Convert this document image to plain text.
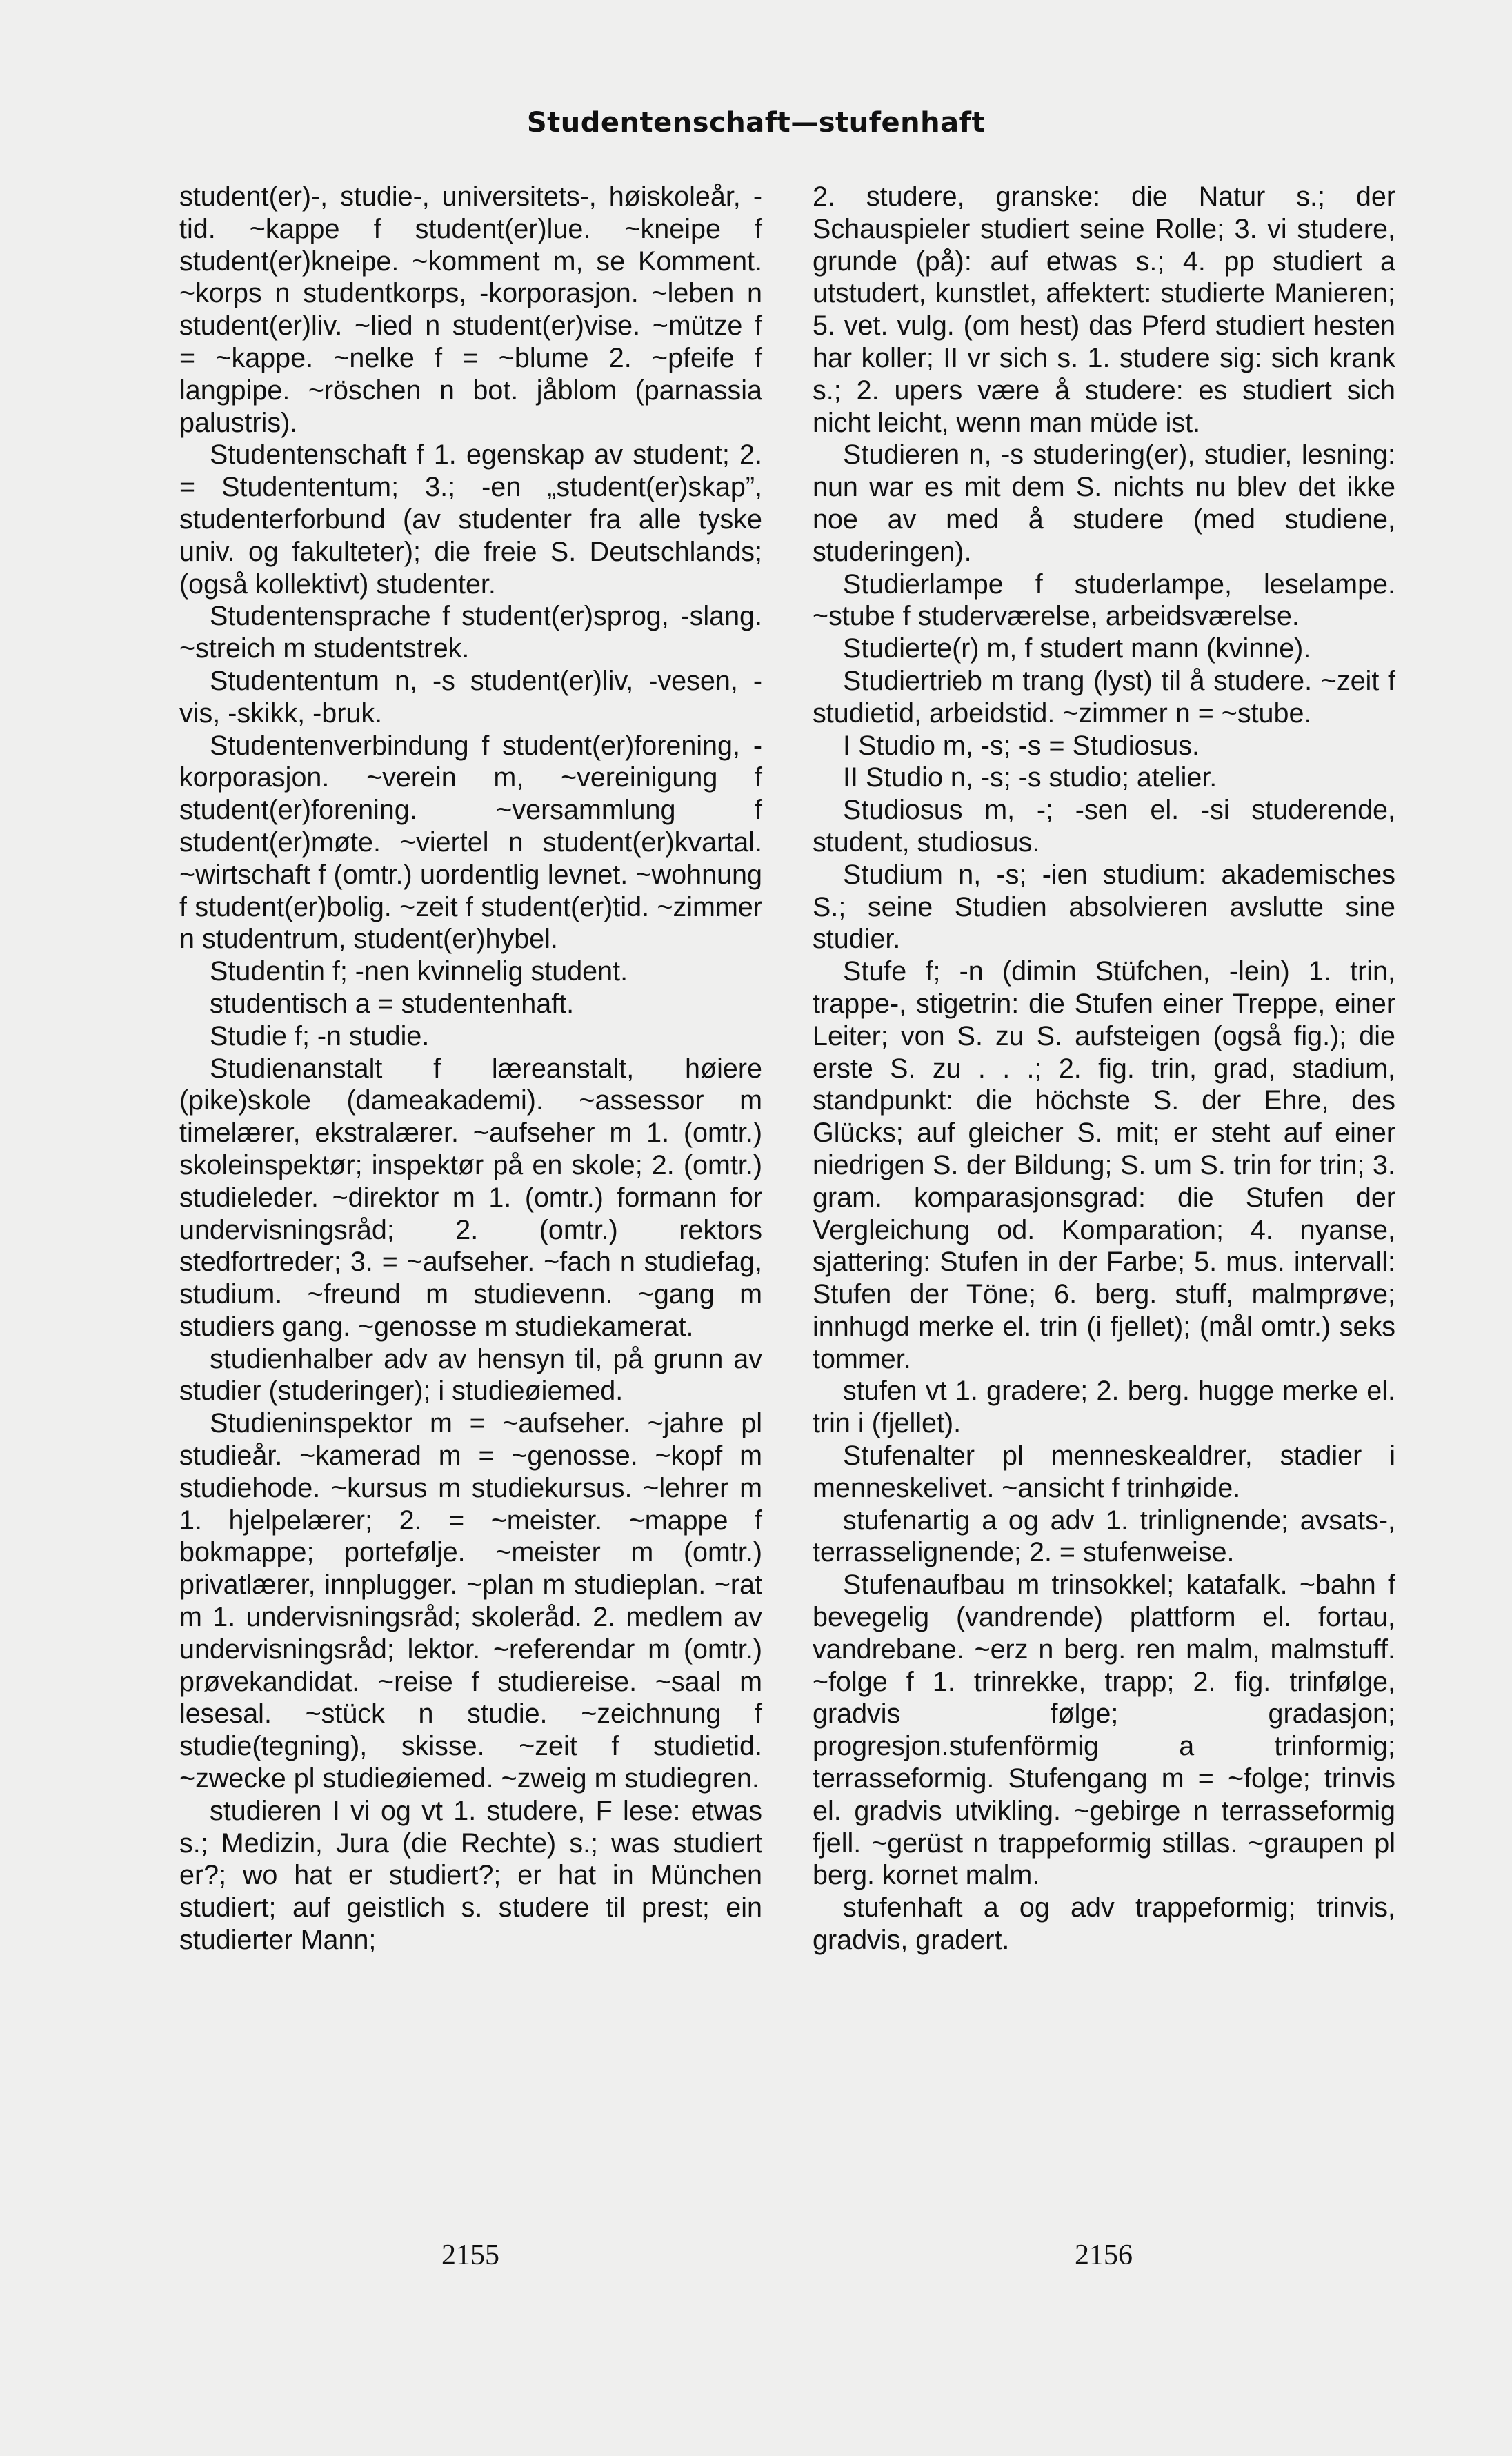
Studentenschaft—stufenhaft

student(er)-, studie-, universitets-, høiskoleår, -tid. ~kappe f student(er)lue. ~kneipe f student(er)kneipe. ~komment m, se Komment. ~korps n studentkorps, -korporasjon. ~leben n student(er)liv. ~lied n student(er)vise. ~mütze f = ~kappe. ~nelke f = ~blume 2. ~pfeife f langpipe. ~röschen n bot. jåblom (parnassia palustris).

Studentenschaft f 1. egenskap av student; 2. = Studententum; 3.; -en „student(er)skap”, studenterforbund (av studenter fra alle tyske univ. og fakulteter); die freie S. Deutschlands; (også kollektivt) studenter.

Studentensprache f student(er)sprog, -slang. ~streich m studentstrek.

Studententum n, -s student(er)liv, -vesen, -vis, -skikk, -bruk.

Studentenverbindung f student(er)forening, -korporasjon. ~verein m, ~vereinigung f student(er)forening. ~versammlung f student(er)møte. ~viertel n student(er)kvartal. ~wirtschaft f (omtr.) uordentlig levnet. ~wohnung f student(er)bolig. ~zeit f student(er)tid. ~zimmer n studentrum, student(er)hybel.

Studentin f; -nen kvinnelig student.

studentisch a = studentenhaft.

Studie f; -n studie.

Studienanstalt f læreanstalt, høiere (pike)skole (dameakademi). ~assessor m timelærer, ekstralærer. ~aufseher m 1. (omtr.) skoleinspektør; inspektør på en skole; 2. (omtr.) studieleder. ~direktor m 1. (omtr.) formann for undervisningsråd; 2. (omtr.) rektors stedfortreder; 3. = ~aufseher. ~fach n studiefag, studium. ~freund m studievenn. ~gang m studiers gang. ~genosse m studiekamerat.

studienhalber adv av hensyn til, på grunn av studier (studeringer); i studieøiemed.

Studieninspektor m = ~aufseher. ~jahre pl studieår. ~kamerad m = ~genosse. ~kopf m studiehode. ~kursus m studiekursus. ~lehrer m 1. hjelpelærer; 2. = ~meister. ~mappe f bokmappe; portefølje. ~meister m (omtr.) privatlærer, innplugger. ~plan m studieplan. ~rat m 1. undervisningsråd; skoleråd. 2. medlem av undervisningsråd; lektor. ~referendar m (omtr.) prøvekandidat. ~reise f studiereise. ~saal m lesesal. ~stück n studie. ~zeichnung f studie(tegning), skisse. ~zeit f studietid. ~zwecke pl studieøiemed. ~zweig m studiegren.

studieren I vi og vt 1. studere, F lese: etwas s.; Medizin, Jura (die Rechte) s.; was studiert er?; wo hat er studiert?; er hat in München studiert; auf geistlich s. studere til prest; ein studierter Mann;

2. studere, granske: die Natur s.; der Schauspieler studiert seine Rolle; 3. vi studere, grunde (på): auf etwas s.; 4. pp studiert a utstudert, kunstlet, affektert: studierte Manieren; 5. vet. vulg. (om hest) das Pferd studiert hesten har koller; II vr sich s. 1. studere sig: sich krank s.; 2. upers være å studere: es studiert sich nicht leicht, wenn man müde ist.

Studieren n, -s studering(er), studier, lesning: nun war es mit dem S. nichts nu blev det ikke noe av med å studere (med studiene, studeringen).

Studierlampe f studerlampe, leselampe. ~stube f studerværelse, arbeidsværelse.

Studierte(r) m, f studert mann (kvinne).

Studiertrieb m trang (lyst) til å studere. ~zeit f studietid, arbeidstid. ~zimmer n = ~stube.

I Studio m, -s; -s = Studiosus.

II Studio n, -s; -s studio; atelier.

Studiosus m, -; -sen el. -si studerende, student, studiosus.

Studium n, -s; -ien studium: akademisches S.; seine Studien absolvieren avslutte sine studier.

Stufe f; -n (dimin Stüfchen, -lein) 1. trin, trappe-, stigetrin: die Stufen einer Treppe, einer Leiter; von S. zu S. aufsteigen (også fig.); die erste S. zu . . .; 2. fig. trin, grad, stadium, standpunkt: die höchste S. der Ehre, des Glücks; auf gleicher S. mit; er steht auf einer niedrigen S. der Bildung; S. um S. trin for trin; 3. gram. komparasjonsgrad: die Stufen der Vergleichung od. Komparation; 4. nyanse, sjattering: Stufen in der Farbe; 5. mus. intervall: Stufen der Töne; 6. berg. stuff, malmprøve; innhugd merke el. trin (i fjellet); (mål omtr.) seks tommer.

stufen vt 1. gradere; 2. berg. hugge merke el. trin i (fjellet).

Stufenalter pl menneskealdrer, stadier i menneskelivet. ~ansicht f trinhøide.

stufenartig a og adv 1. trinlignende; avsats-, terrasselignende; 2. = stufenweise.

Stufenaufbau m trinsokkel; katafalk. ~bahn f bevegelig (vandrende) plattform el. fortau, vandrebane. ~erz n berg. ren malm, malmstuff. ~folge f 1. trinrekke, trapp; 2. fig. trinfølge, gradvis følge; gradasjon; progresjon.stufenförmig a trinformig; terrasseformig. Stufengang m = ~folge; trinvis el. gradvis utvikling. ~gebirge n terrasseformig fjell. ~gerüst n trappeformig stillas. ~graupen pl berg. kornet malm.

stufenhaft a og adv trappeformig; trinvis, gradvis, gradert.

2155	2156
